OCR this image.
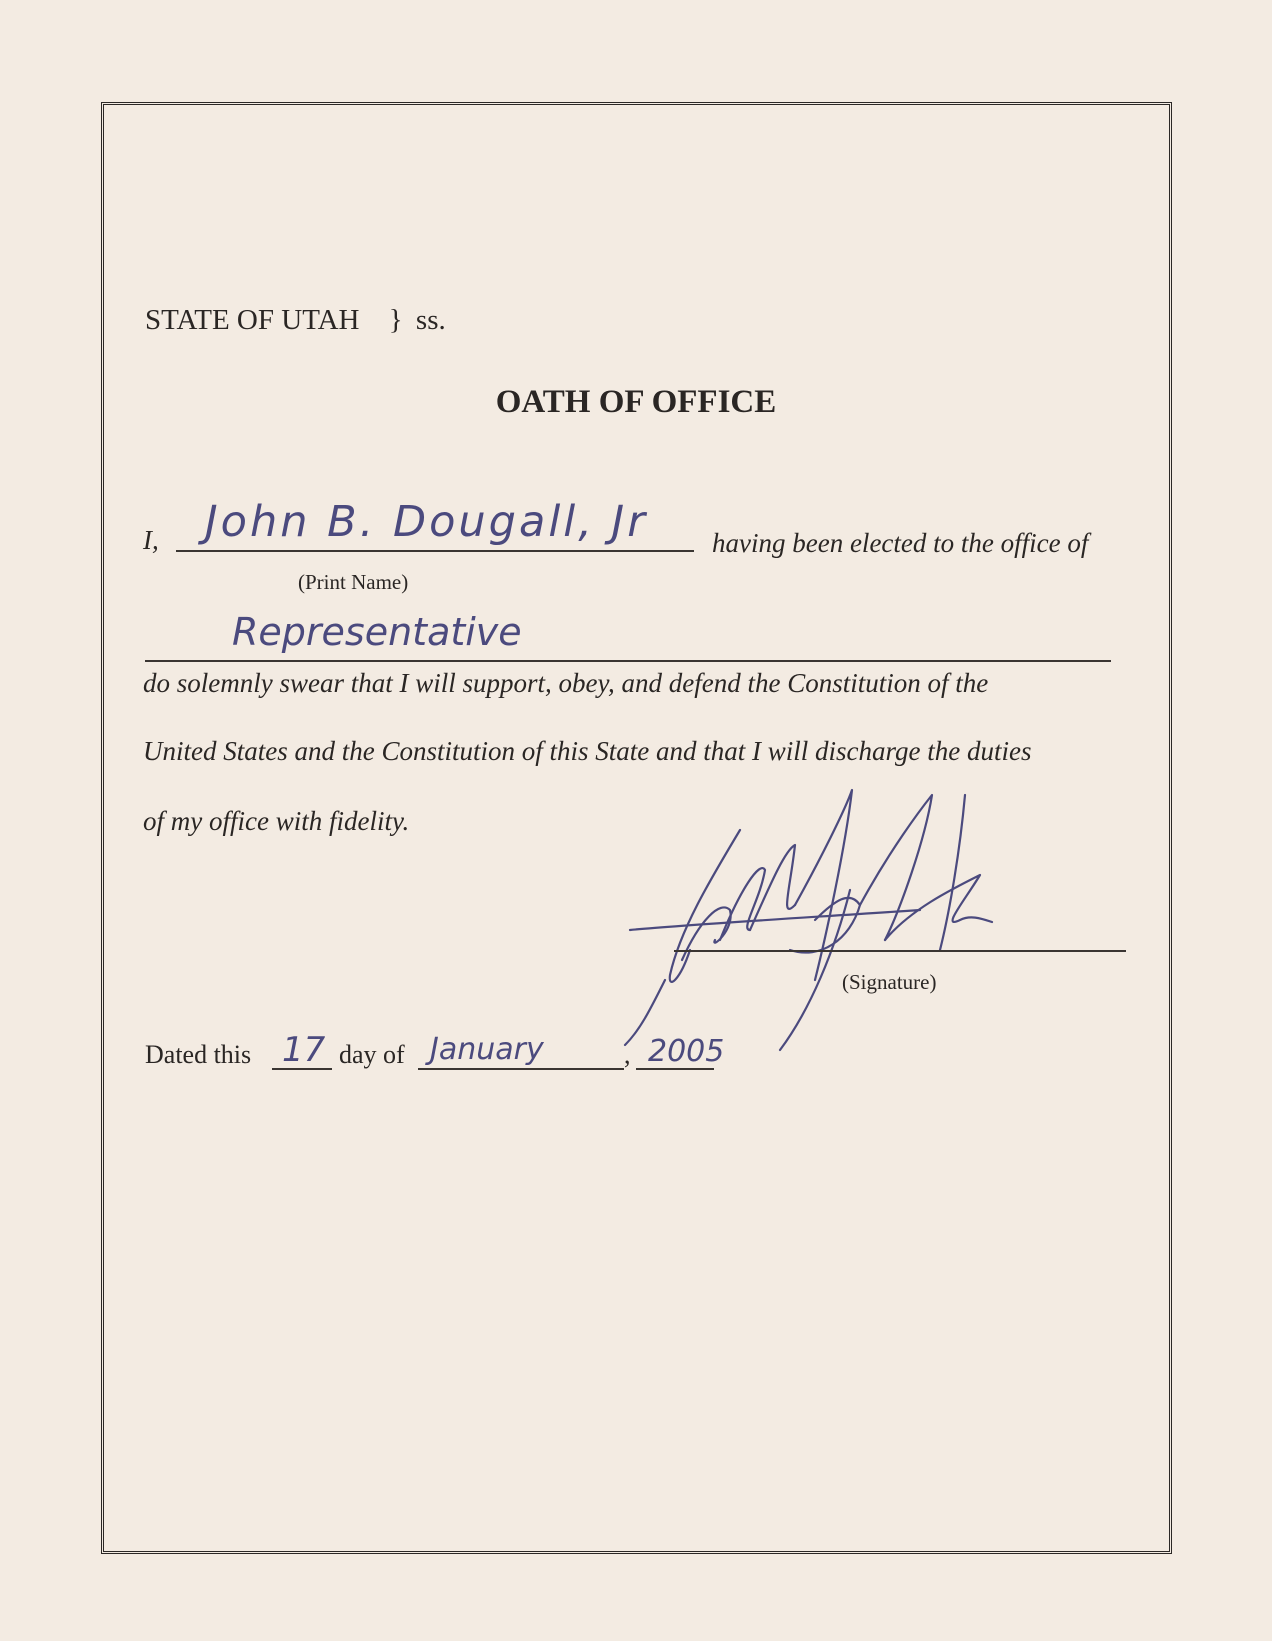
STATE OF UTAH } ss.
OATH OF OFFICE
I, John B. Dougall, Jr having been elected to the office of
(Print Name)
Representative
do solemnly swear that I will support, obey, and defend the Constitution of the
United States and the Constitution of this State and that I will discharge the duties
of my office with fidelity.
(Signature)
Dated this 17 day of January	, 2005
